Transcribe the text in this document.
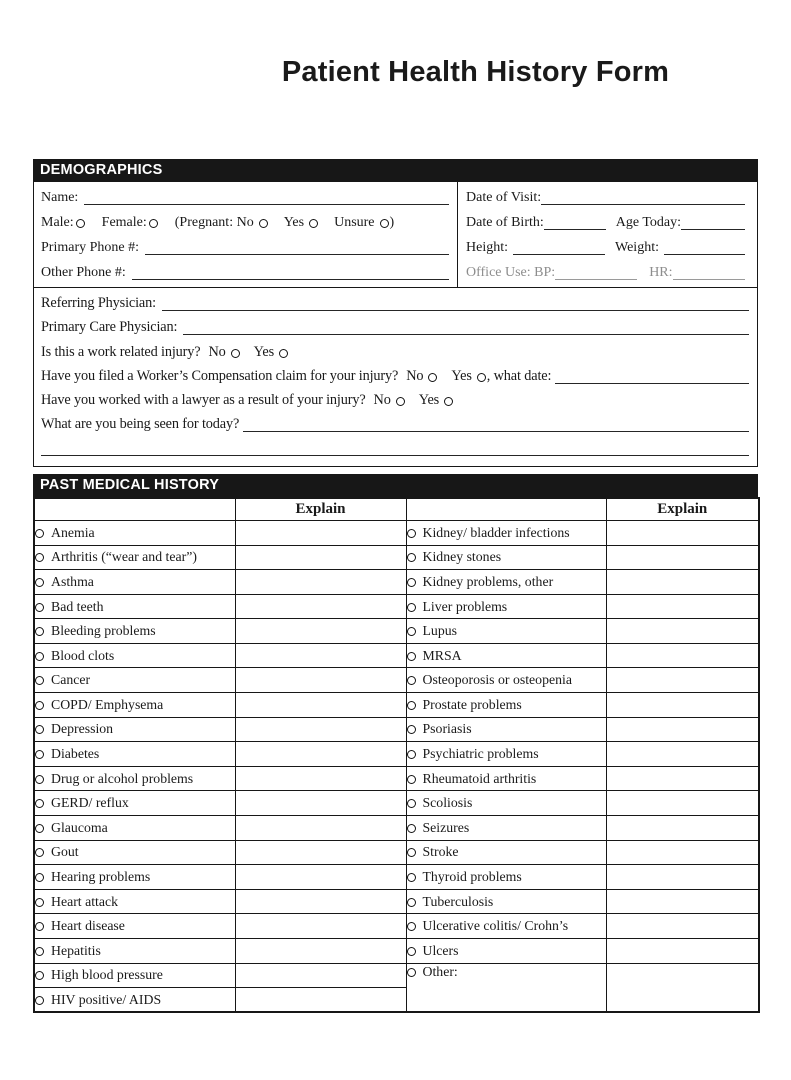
Patient Health History Form
DEMOGRAPHICS
Name:
Male: Female: (Pregnant: No Yes Unsure )
Primary Phone #:
Other Phone #:
Date of Visit:
Date of Birth:	Age Today:
Height:	Weight:
Office Use: BP:	HR:
Referring Physician:
Primary Care Physician:
Is this a work related injury? No Yes
Have you filed a Worker’s Compensation claim for your injury? No Yes , what date:
Have you worked with a lawyer as a result of your injury? No Yes
What are you being seen for today?
PAST MEDICAL HISTORY
	Explain		Explain
Anemia		Kidney/ bladder infections	
Arthritis (“wear and tear”)		Kidney stones	
Asthma		Kidney problems, other	
Bad teeth		Liver problems	
Bleeding problems		Lupus	
Blood clots		MRSA	
Cancer		Osteoporosis or osteopenia	
COPD/ Emphysema		Prostate problems	
Depression		Psoriasis	
Diabetes		Psychiatric problems	
Drug or alcohol problems		Rheumatoid arthritis	
GERD/ reflux		Scoliosis	
Glaucoma		Seizures	
Gout		Stroke	
Hearing problems		Thyroid problems	
Heart attack		Tuberculosis	
Heart disease		Ulcerative colitis/ Crohn’s	
Hepatitis		Ulcers	
High blood pressure		Other:	
HIV positive/ AIDS			
